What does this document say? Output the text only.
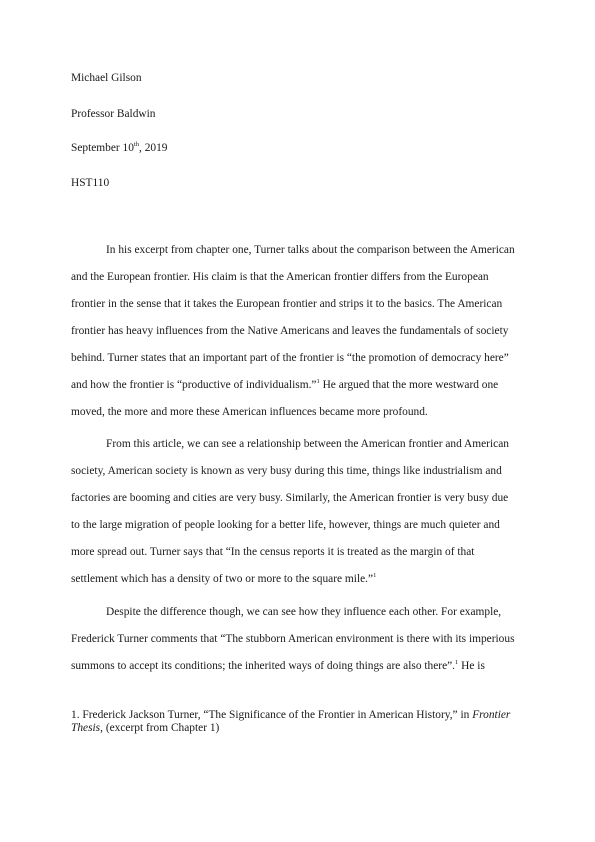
Michael Gilson
Professor Baldwin
September 10th, 2019
HST110
In his excerpt from chapter one, Turner talks about the comparison between the American
and the European frontier. His claim is that the American frontier differs from the European
frontier in the sense that it takes the European frontier and strips it to the basics. The American
frontier has heavy influences from the Native Americans and leaves the fundamentals of society
behind. Turner states that an important part of the frontier is “the promotion of democracy here”
and how the frontier is “productive of individualism.”$^1$ He argued that the more westward one
moved, the more and more these American influences became more profound.
From this article, we can see a relationship between the American frontier and American
society, American society is known as very busy during this time, things like industrialism and
factories are booming and cities are very busy. Similarly, the American frontier is very busy due
to the large migration of people looking for a better life, however, things are much quieter and
more spread out. Turner says that “In the census reports it is treated as the margin of that
settlement which has a density of two or more to the square mile.”$^1$
Despite the difference though, we can see how they influence each other. For example,
Frederick Turner comments that “The stubborn American environment is there with its imperious
summons to accept its conditions; the inherited ways of doing things are also there”.$^1$ He is
1. Frederick Jackson Turner, “The Significance of the Frontier in American History,” in Frontier
Thesis, (excerpt from Chapter 1)
